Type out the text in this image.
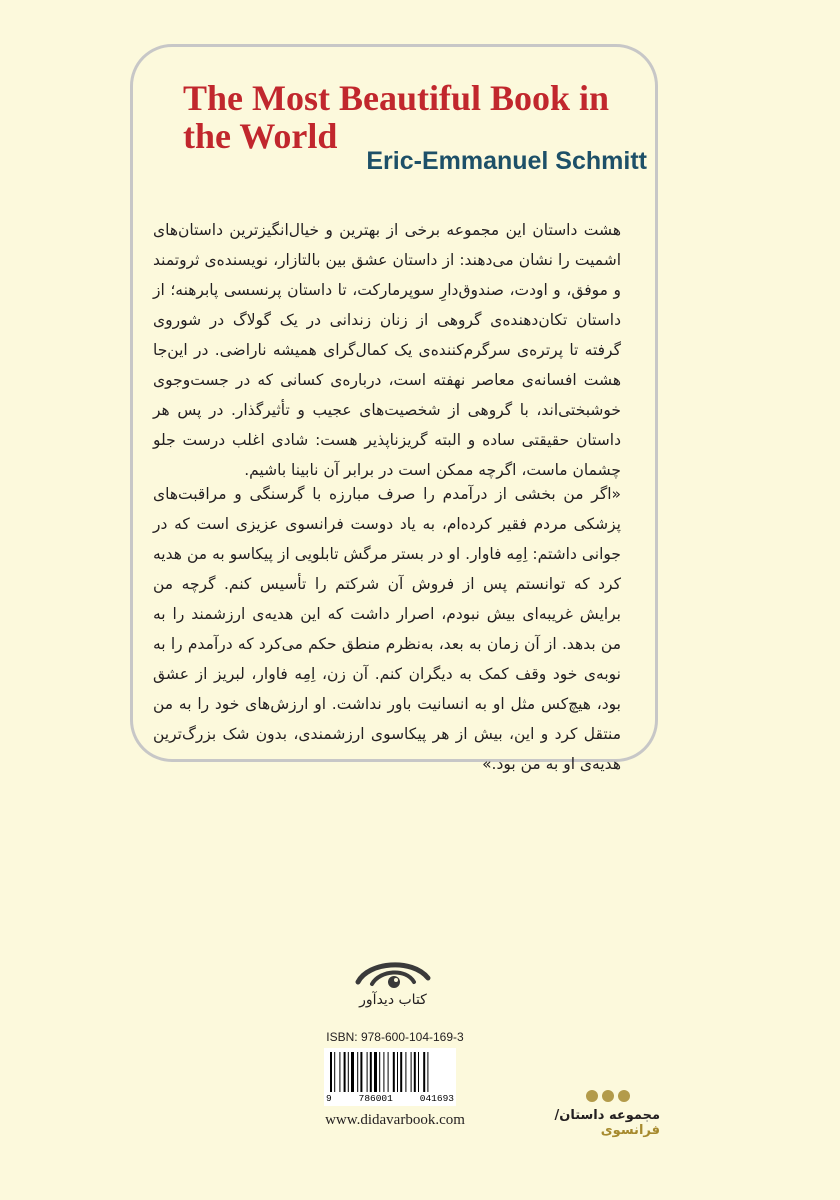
The Most Beautiful Book in the World
Eric-Emmanuel Schmitt

هشت داستان این مجموعه برخی از بهترین و خیال‌انگیزترین داستان‌های اشمیت را نشان می‌دهند: از داستان عشق بین بالتازار، نویسنده‌ی ثروتمند و موفق، و اودت، صندوق‌دارِ سوپرمارکت، تا داستان پرنسسی پابرهنه؛ از داستان تکان‌دهنده‌ی گروهی از زنان زندانی در یک گولاگ در شوروی گرفته تا پرتره‌ی سرگرم‌کننده‌ی یک کمال‌گرای همیشه ناراضی. در این‌جا هشت افسانه‌ی معاصر نهفته است، درباره‌ی کسانی که در جست‌وجوی خوشبختی‌اند، با گروهی از شخصیت‌های عجیب و تأثیرگذار. در پس هر داستان حقیقتی ساده و البته گریزناپذیر هست: شادی اغلب درست جلو چشمان ماست، اگرچه ممکن است در برابر آن نابینا باشیم.

«اگر من بخشی از درآمدم را صرف مبارزه با گرسنگی و مراقبت‌های پزشکی مردم فقیر کرده‌ام، به یاد دوست فرانسوی عزیزی است که در جوانی داشتم: اِمِه فاوار. او در بستر مرگش تابلویی از پیکاسو به من هدیه کرد که توانستم پس از فروش آن شرکتم را تأسیس کنم. گرچه من برایش غریبه‌ای بیش نبودم، اصرار داشت که این هدیه‌ی ارزشمند را به من بدهد. از آن زمان به بعد، به‌نظرم منطق حکم می‌کرد که درآمدم را به نوبه‌ی خود وقف کمک به دیگران کنم. آن زن، اِمِه فاوار، لبریز از عشق بود، هیچ‌کس مثل او به انسانیت باور نداشت. او ارزش‌های خود را به من منتقل کرد و این، بیش از هر پیکاسوی ارزشمندی، بدون شک بزرگ‌ترین هدیه‌ی او به من بود.»

کتاب دیدآور
ISBN: 978-600-104-169-3
9	786001	041693
www.didavarbook.com	مجموعه داستان/فرانسوی
